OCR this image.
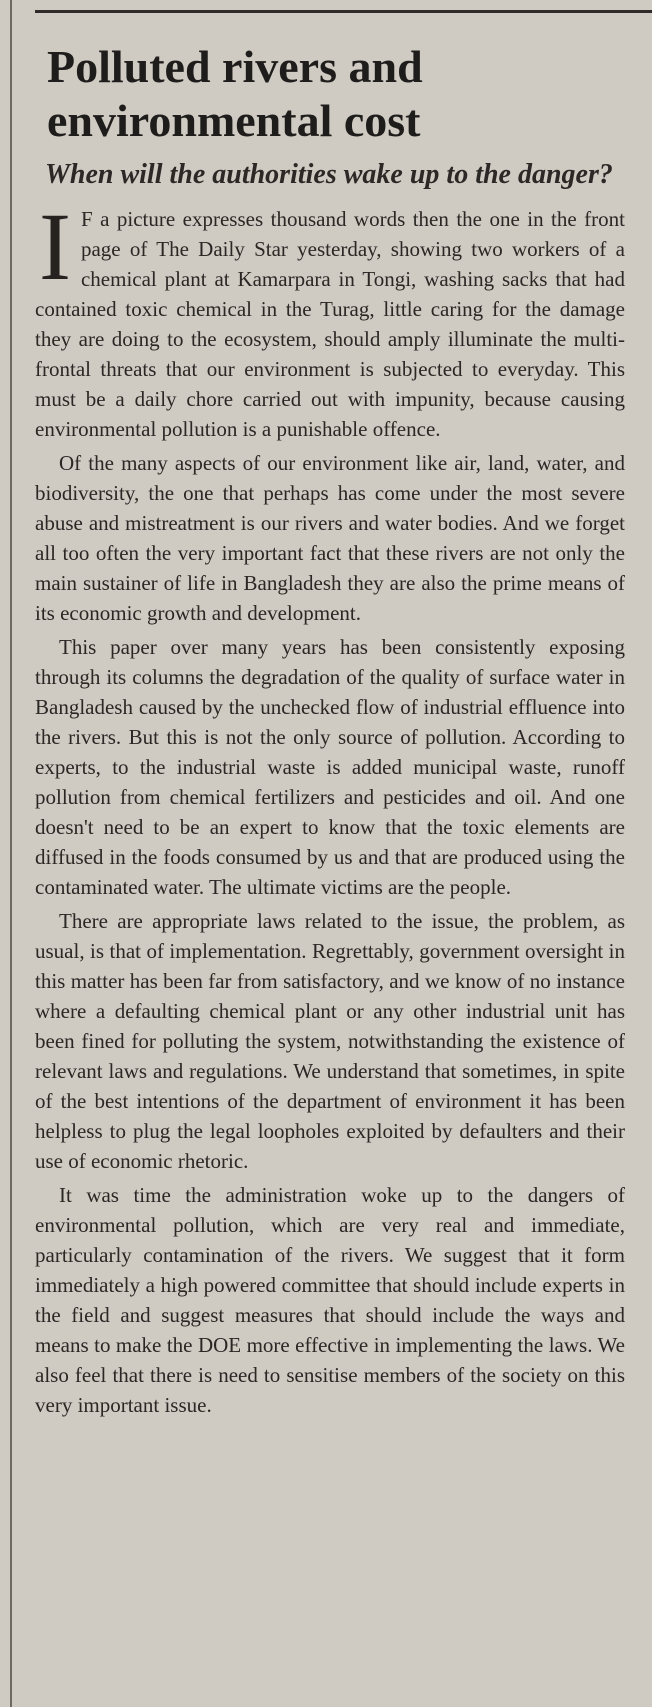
Polluted rivers and environmental cost
When will the authorities wake up to the danger?

I F a picture expresses thousand words then the one in the front page of The Daily Star yesterday, showing two workers of a chemical plant at Kamarpara in Tongi, washing sacks that had contained toxic chemical in the Turag, little caring for the damage they are doing to the ecosystem, should amply illuminate the multi-frontal threats that our environment is subjected to everyday. This must be a daily chore carried out with impunity, because causing environmental pollution is a punishable offence.

Of the many aspects of our environment like air, land, water, and biodiversity, the one that perhaps has come under the most severe abuse and mistreatment is our rivers and water bodies. And we forget all too often the very important fact that these rivers are not only the main sustainer of life in Bangladesh they are also the prime means of its economic growth and development.

This paper over many years has been consistently exposing through its columns the degradation of the quality of surface water in Bangladesh caused by the unchecked flow of industrial effluence into the rivers. But this is not the only source of pollution. According to experts, to the industrial waste is added municipal waste, runoff pollution from chemical fertilizers and pesticides and oil. And one doesn't need to be an expert to know that the toxic elements are diffused in the foods consumed by us and that are produced using the contaminated water. The ultimate victims are the people.

There are appropriate laws related to the issue, the problem, as usual, is that of implementation. Regrettably, government oversight in this matter has been far from satisfactory, and we know of no instance where a defaulting chemical plant or any other industrial unit has been fined for polluting the system, notwithstanding the existence of relevant laws and regulations. We understand that sometimes, in spite of the best intentions of the department of environment it has been helpless to plug the legal loopholes exploited by defaulters and their use of economic rhetoric.

It was time the administration woke up to the dangers of environmental pollution, which are very real and immediate, particularly contamination of the rivers. We suggest that it form immediately a high powered committee that should include experts in the field and suggest measures that should include the ways and means to make the DOE more effective in implementing the laws. We also feel that there is need to sensitise members of the society on this very important issue.
